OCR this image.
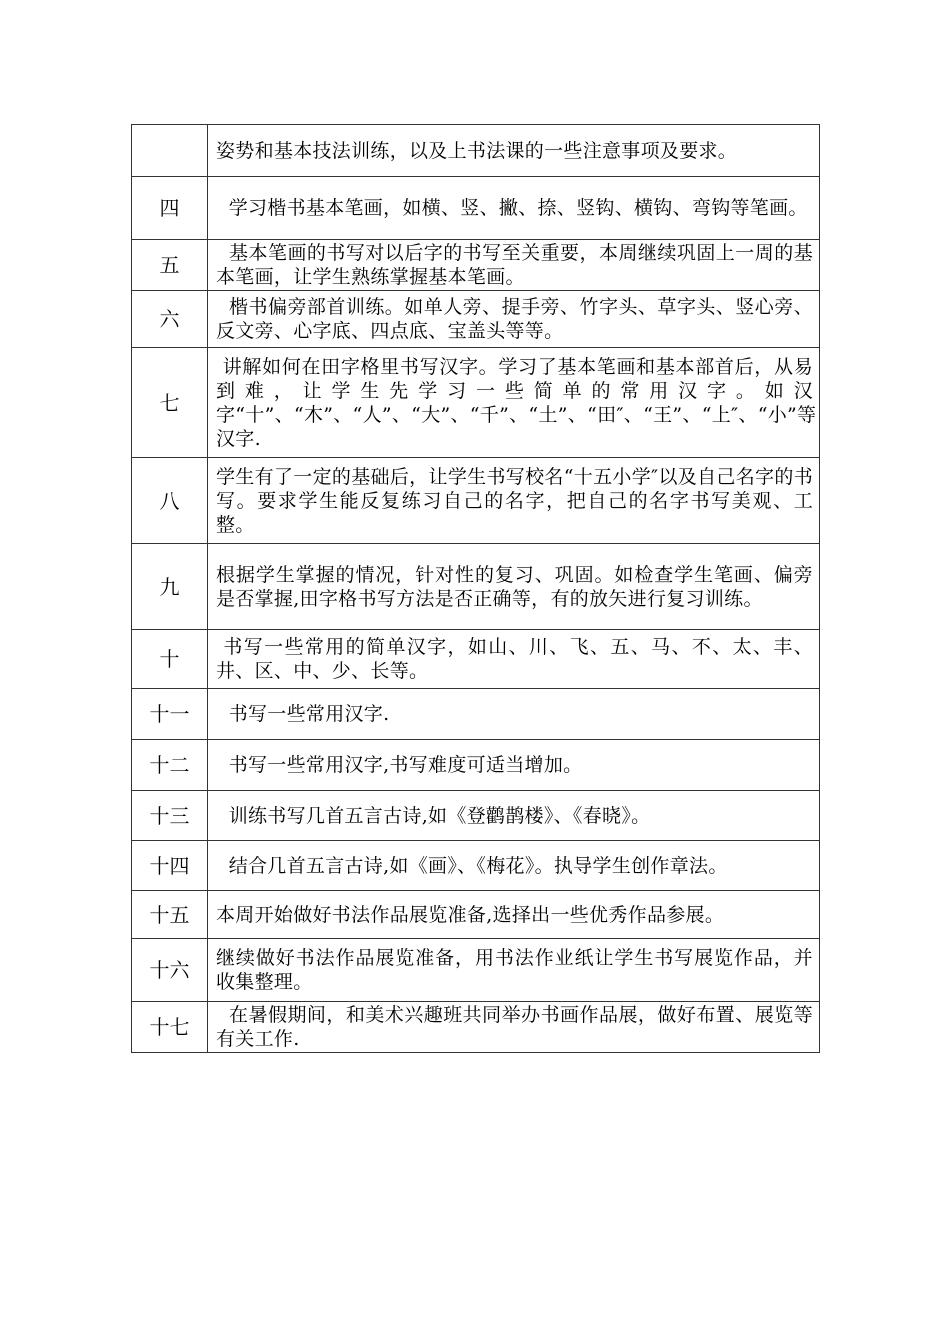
	姿势和基本技法训练，以及上书法课的一些注意事项及要求。

四	学习楷书基本笔画，如横、竖、撇、捺、竖钩、横钩、弯钩等笔画。

五	基本笔画的书写对以后字的书写至关重要，本周继续巩固上一周的基本笔画，让学生熟练掌握基本笔画。

六	楷书偏旁部首训练。如单人旁、提手旁、竹字头、草字头、竖心旁、反文旁、心字底、四点底、宝盖头等等。

七	讲解如何在田字格里书写汉字。学习了基本笔画和基本部首后，从易到难，让学生先学习一些简单的常用汉字。如汉字“十”、“木”、“人”、“大”、“千”、“土”、“田″、“王”、“上″、“小”等汉字.

八	学生有了一定的基础后，让学生书写校名“十五小学″以及自己名字的书写。要求学生能反复练习自己的名字，把自己的名字书写美观、工整。

九	根据学生掌握的情况，针对性的复习、巩固。如检查学生笔画、偏旁是否掌握,田字格书写方法是否正确等，有的放矢进行复习训练。

十	书写一些常用的简单汉字，如山、川、飞、五、马、不、太、丰、井、区、中、少、长等。

十一	书写一些常用汉字.

十二	书写一些常用汉字,书写难度可适当增加。

十三	训练书写几首五言古诗,如《登鹳鹊楼》、《春晓》。

十四	结合几首五言古诗,如《画》、《梅花》。执导学生创作章法。

十五	本周开始做好书法作品展览准备,选择出一些优秀作品参展。

十六	继续做好书法作品展览准备，用书法作业纸让学生书写展览作品，并收集整理。

十七	在暑假期间，和美术兴趣班共同举办书画作品展，做好布置、展览等有关工作.
